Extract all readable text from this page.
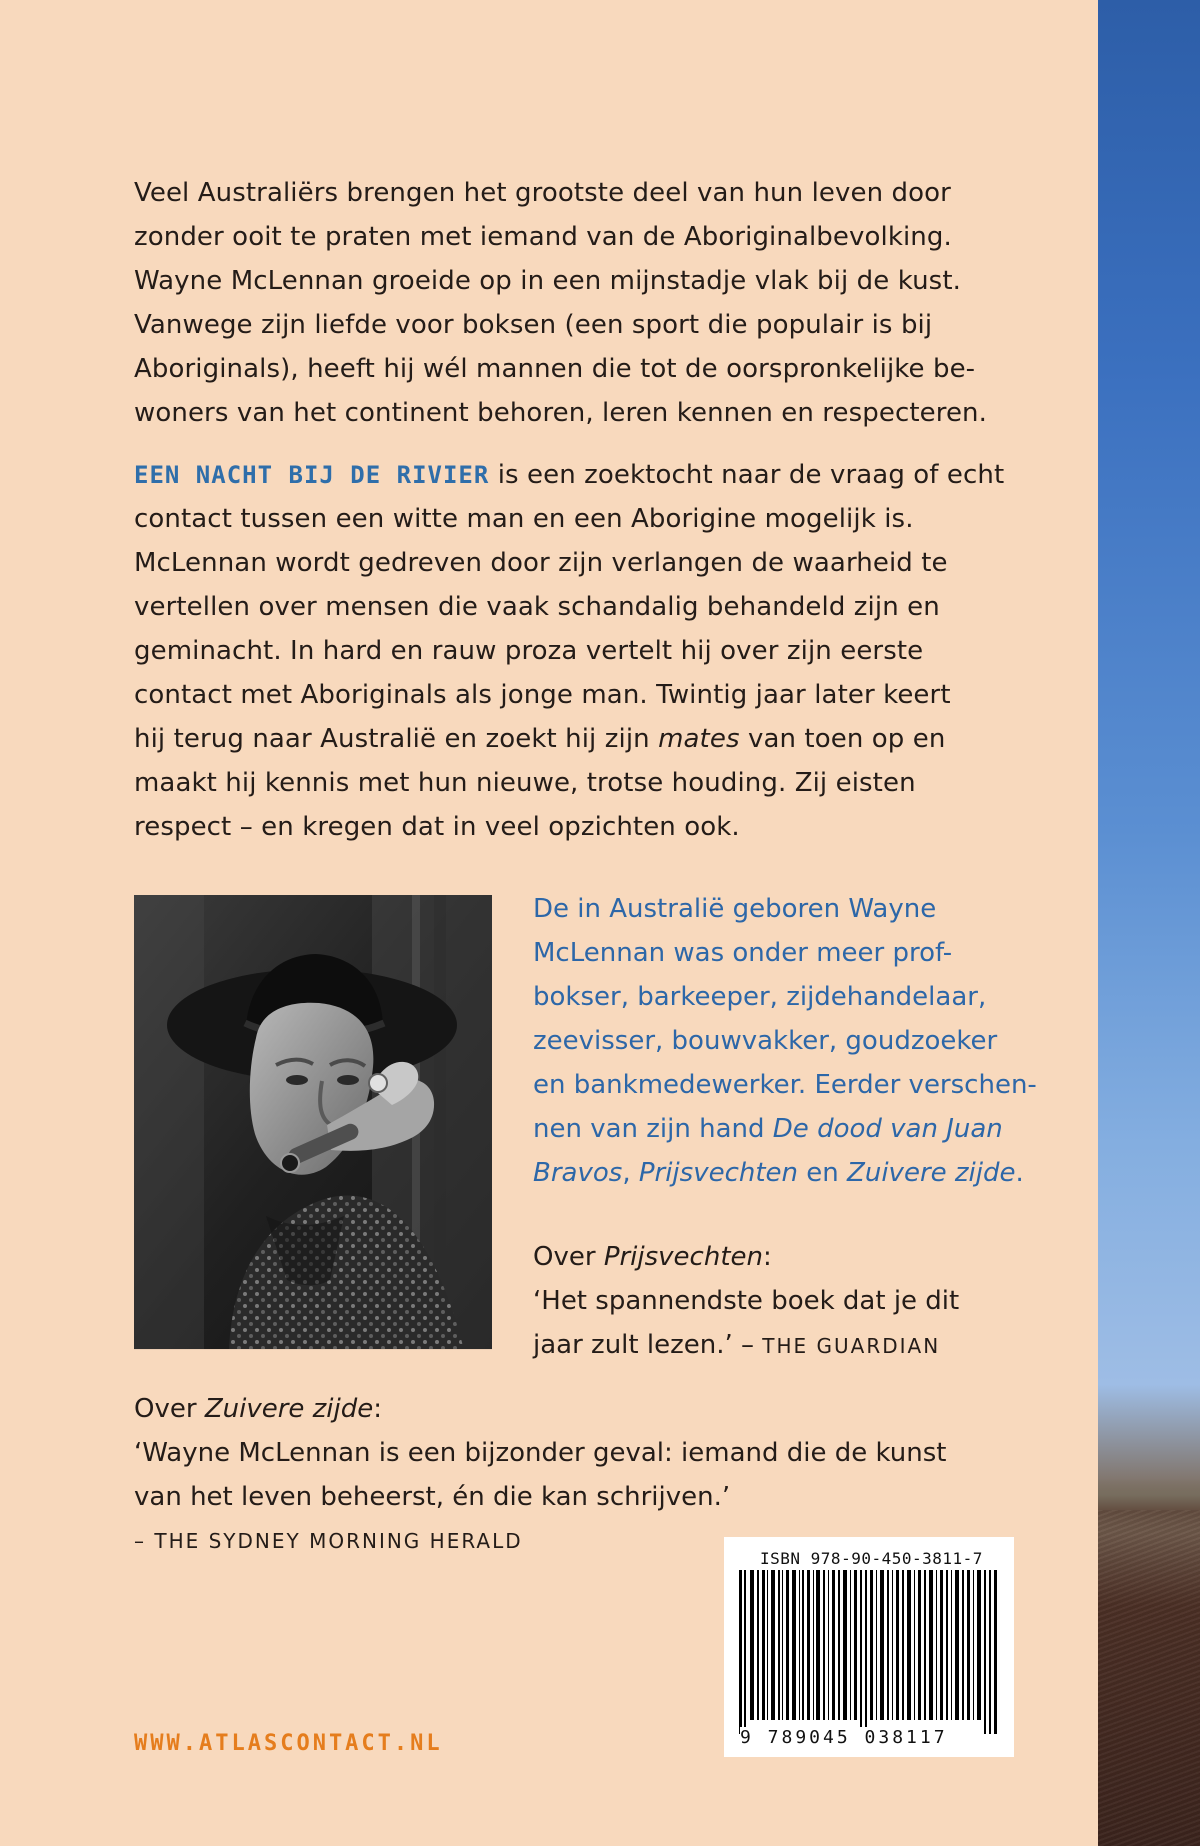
Veel Australiërs brengen het grootste deel van hun leven door
zonder ooit te praten met iemand van de Aboriginalbevolking.
Wayne McLennan groeide op in een mijnstadje vlak bij de kust.
Vanwege zijn liefde voor boksen (een sport die populair is bij
Aboriginals), heeft hij wél mannen die tot de oorspronkelijke be-
woners van het continent behoren, leren kennen en respecteren.
EEN NACHT BIJ DE RIVIER is een zoektocht naar de vraag of echt
contact tussen een witte man en een Aborigine mogelijk is.
McLennan wordt gedreven door zijn verlangen de waarheid te
vertellen over mensen die vaak schandalig behandeld zijn en
geminacht. In hard en rauw proza vertelt hij over zijn eerste
contact met Aboriginals als jonge man. Twintig jaar later keert
hij terug naar Australië en zoekt hij zijn mates van toen op en
maakt hij kennis met hun nieuwe, trotse houding. Zij eisten
respect – en kregen dat in veel opzichten ook.
De in Australië geboren Wayne
McLennan was onder meer prof-
bokser, barkeeper, zijdehandelaar,
zeevisser, bouwvakker, goudzoeker
en bankmedewerker. Eerder verschen-
nen van zijn hand De dood van Juan
Bravos, Prijsvechten en Zuivere zijde.
Over Prijsvechten:
‘Het spannendste boek dat je dit
jaar zult lezen.’ – THE GUARDIAN
Over Zuivere zijde:
‘Wayne McLennan is een bijzonder geval: iemand die de kunst
van het leven beheerst, én die kan schrijven.’
– THE SYDNEY MORNING HERALD
ISBN 978-90-450-3811-7
9 789045 038117
WWW.ATLASCONTACT.NL
